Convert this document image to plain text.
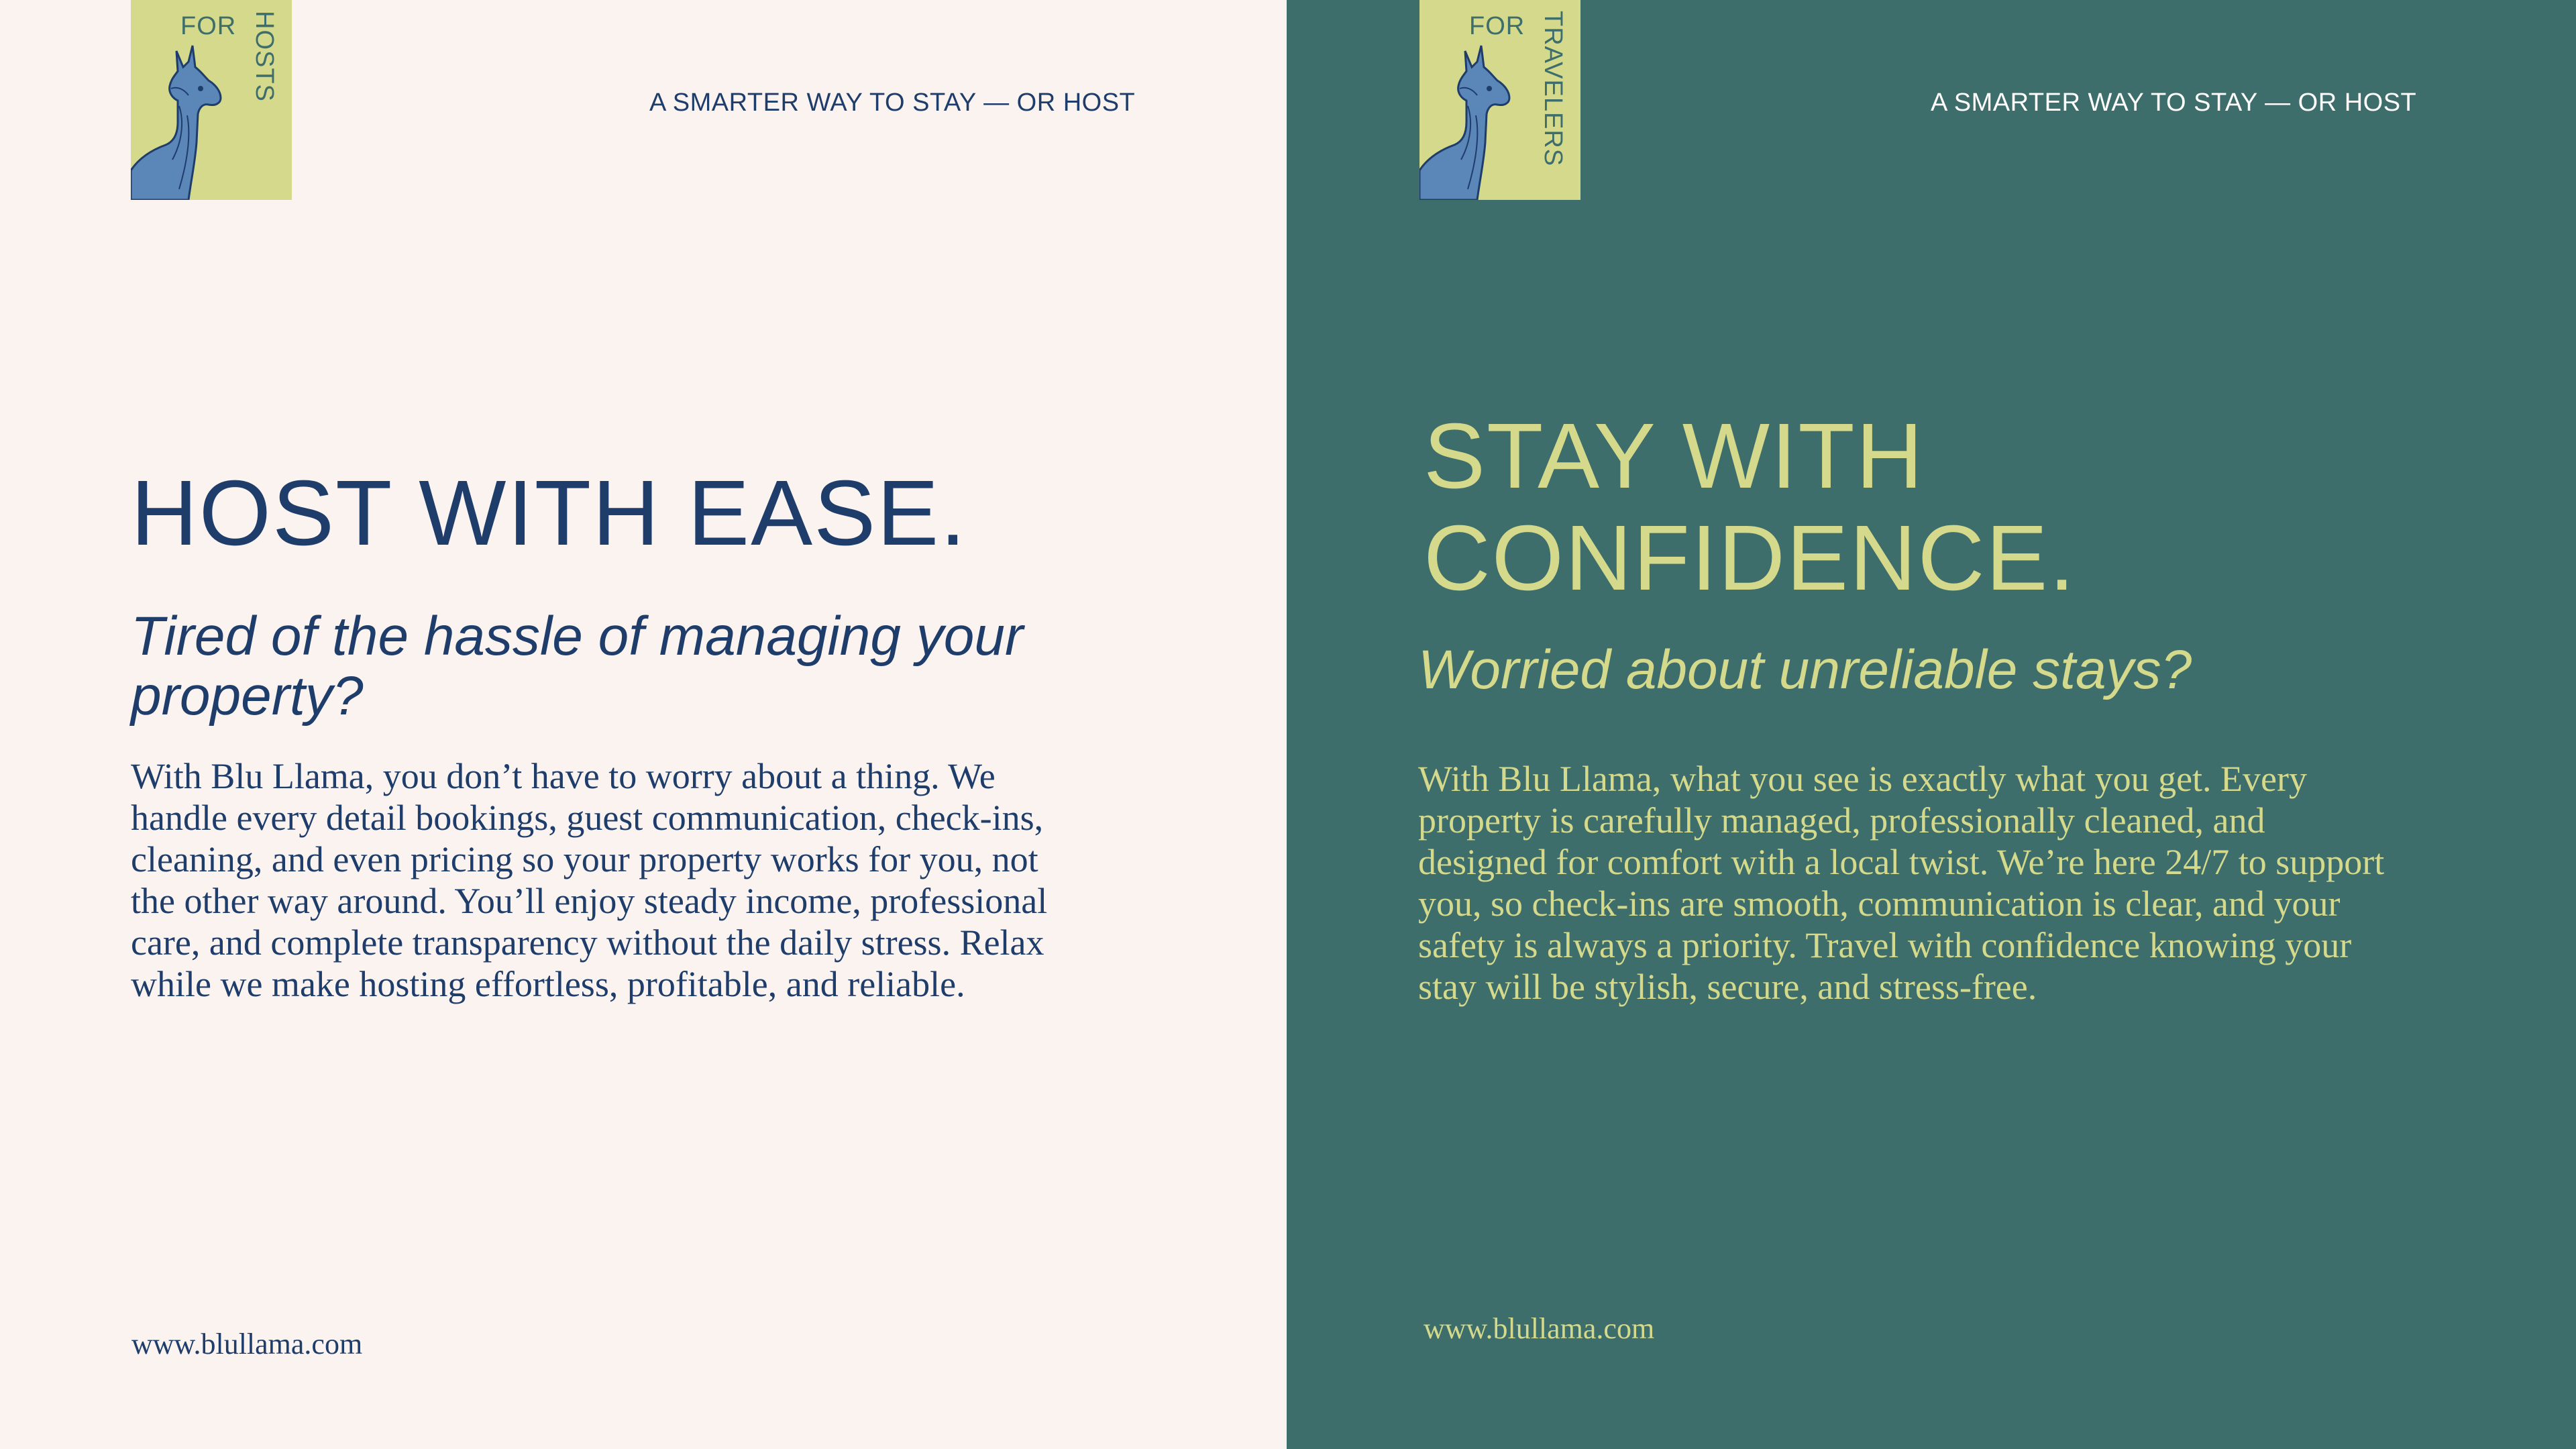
FOR HOSTS
A SMARTER WAY TO STAY — OR HOST
HOST WITH EASE.
Tired of the hassle of managing your property?

With Blu Llama, you don’t have to worry about a thing. We handle every detail bookings, guest communication, check-ins, cleaning, and even pricing so your property works for you, not the other way around. You’ll enjoy steady income, professional care, and complete transparency without the daily stress. Relax while we make hosting effortless, profitable, and reliable.

www.blullama.com
FOR TRAVELERS	A SMARTER WAY TO STAY — OR HOST
STAY WITH CONFIDENCE.
Worried about unreliable stays?

With Blu Llama, what you see is exactly what you get. Every property is carefully managed, professionally cleaned, and designed for comfort with a local twist. We’re here 24/7 to support you, so check-ins are smooth, communication is clear, and your safety is always a priority. Travel with confidence knowing your stay will be stylish, secure, and stress-free.

www.blullama.com
